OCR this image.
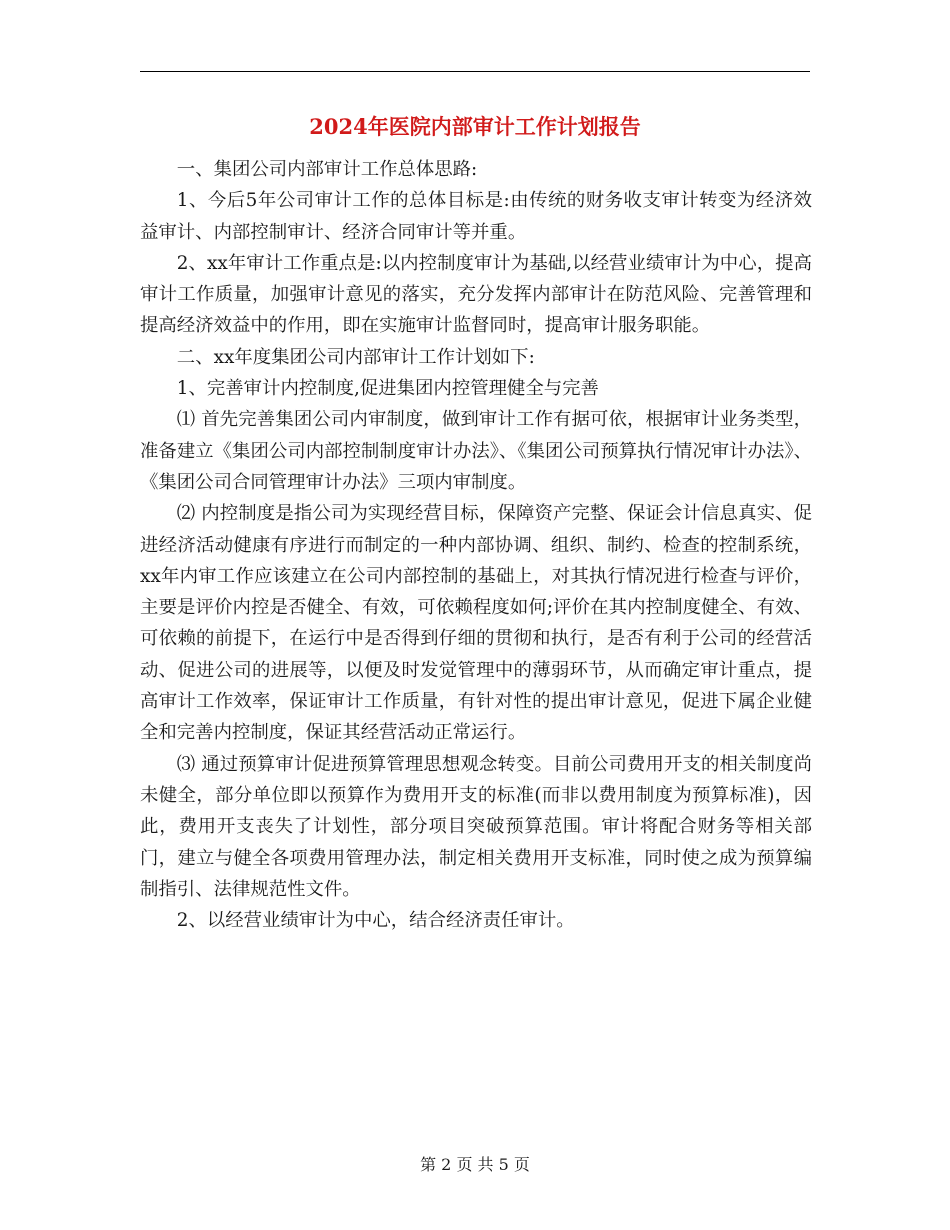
2024年医院内部审计工作计划报告

一、集团公司内部审计工作总体思路:

1、今后5年公司审计工作的总体目标是:由传统的财务收支审计转变为经济效益审计、内部控制审计、经济合同审计等并重。

2、xx年审计工作重点是:以内控制度审计为基础,以经营业绩审计为中心，提高审计工作质量，加强审计意见的落实，充分发挥内部审计在防范风险、完善管理和提高经济效益中的作用，即在实施审计监督同时，提高审计服务职能。

二、xx年度集团公司内部审计工作计划如下:

1、完善审计内控制度,促进集团内控管理健全与完善

⑴ 首先完善集团公司内审制度，做到审计工作有据可依，根据审计业务类型，准备建立《集团公司内部控制制度审计办法》、《集团公司预算执行情况审计办法》、《集团公司合同管理审计办法》三项内审制度。

⑵ 内控制度是指公司为实现经营目标，保障资产完整、保证会计信息真实、促进经济活动健康有序进行而制定的一种内部协调、组织、制约、检查的控制系统，xx年内审工作应该建立在公司内部控制的基础上，对其执行情况进行检查与评价，主要是评价内控是否健全、有效，可依赖程度如何;评价在其内控制度健全、有效、可依赖的前提下，在运行中是否得到仔细的贯彻和执行，是否有利于公司的经营活动、促进公司的进展等，以便及时发觉管理中的薄弱环节，从而确定审计重点，提高审计工作效率，保证审计工作质量，有针对性的提出审计意见，促进下属企业健全和完善内控制度，保证其经营活动正常运行。

⑶ 通过预算审计促进预算管理思想观念转变。目前公司费用开支的相关制度尚未健全，部分单位即以预算作为费用开支的标准(而非以费用制度为预算标准)，因此，费用开支丧失了计划性，部分项目突破预算范围。审计将配合财务等相关部门，建立与健全各项费用管理办法，制定相关费用开支标准，同时使之成为预算编制指引、法律规范性文件。

2、以经营业绩审计为中心，结合经济责任审计。

第 2 页 共 5 页
